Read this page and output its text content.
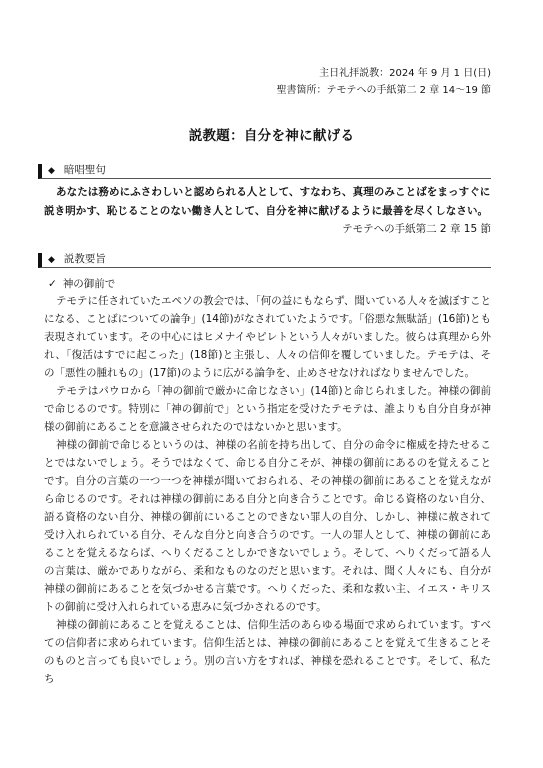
主日礼拝説教：2024 年 9 月 1 日(日)
聖書箇所：テモテへの手紙第二 2 章 14～19 節
説教題：自分を神に献げる
◆ 暗唱聖句
あなたは務めにふさわしいと認められる人として、すなわち、真理のみことばをまっすぐに説き明かす、恥じることのない働き人として、自分を神に献げるように最善を尽くしなさい。
テモテへの手紙第二 2 章 15 節
◆ 説教要旨
✓ 神の御前で

テモテに任されていたエペソの教会では、「何の益にもならず、聞いている人々を滅ぼすことになる、ことばについての論争」(14節)がなされていたようです。「俗悪な無駄話」(16節)とも表現されています。その中心にはヒメナイやピレトという人々がいました。彼らは真理から外れ、「復活はすでに起こった」(18節)と主張し、人々の信仰を覆していました。テモテは、その「悪性の腫れもの」(17節)のように広がる論争を、止めさせなければなりませんでした。

テモテはパウロから「神の御前で厳かに命じなさい」(14節)と命じられました。神様の御前で命じるのです。特別に「神の御前で」という指定を受けたテモテは、誰よりも自分自身が神様の御前にあることを意識させられたのではないかと思います。

神様の御前で命じるというのは、神様の名前を持ち出して、自分の命令に権威を持たせることではないでしょう。そうではなくて、命じる自分こそが、神様の御前にあるのを覚えることです。自分の言葉の一つ一つを神様が聞いておられる、その神様の御前にあることを覚えながら命じるのです。それは神様の御前にある自分と向き合うことです。命じる資格のない自分、語る資格のない自分、神様の御前にいることのできない罪人の自分、しかし、神様に赦されて受け入れられている自分、そんな自分と向き合うのです。一人の罪人として、神様の御前にあることを覚えるならば、へりくだることしかできないでしょう。そして、へりくだって語る人の言葉は、厳かでありながら、柔和なものなのだと思います。それは、聞く人々にも、自分が神様の御前にあることを気づかせる言葉です。へりくだった、柔和な救い主、イエス・キリストの御前に受け入れられている恵みに気づかされるのです。

神様の御前にあることを覚えることは、信仰生活のあらゆる場面で求められています。すべての信仰者に求められています。信仰生活とは、神様の御前にあることを覚えて生きることそのものと言っても良いでしょう。別の言い方をすれば、神様を恐れることです。そして、私たち
